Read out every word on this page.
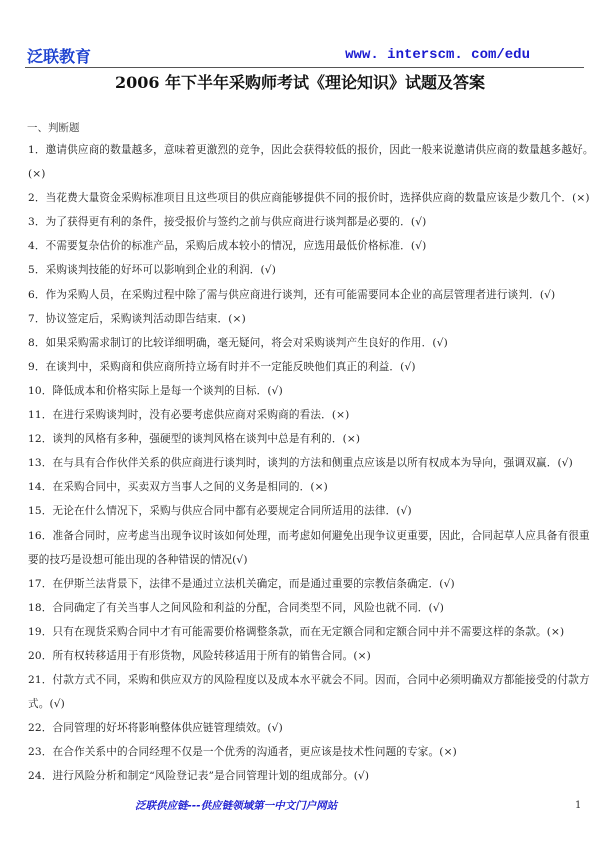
泛联教育	www. interscm. com/edu
2006 年下半年采购师考试《理论知识》试题及答案
一、判断题
1．邀请供应商的数量越多，意味着更激烈的竞争，因此会获得较低的报价，因此一般来说邀请供应商的数量越多越好。
(×)
2．当花费大量资金采购标准项目且这些项目的供应商能够提供不同的报价时，选择供应商的数量应该是少数几个．(×)
3．为了获得更有利的条件，接受报价与签约之前与供应商进行谈判都是必要的．(√)
4．不需要复杂估价的标准产品，采购后成本较小的情况，应选用最低价格标准．(√)
5．采购谈判技能的好坏可以影响到企业的利润．(√)
6．作为采购人员，在采购过程中除了需与供应商进行谈判，还有可能需要同本企业的高层管理者进行谈判．(√)
7．协议签定后，采购谈判活动即告结束．(×)
8．如果采购需求制订的比较详细明确，毫无疑问，将会对采购谈判产生良好的作用．(√)
9．在谈判中，采购商和供应商所持立场有时并不一定能反映他们真正的利益．(√)
10．降低成本和价格实际上是每一个谈判的目标．(√)
11．在进行采购谈判时，没有必要考虑供应商对采购商的看法．(×)
12．谈判的风格有多种，强硬型的谈判风格在谈判中总是有利的．(×)
13．在与具有合作伙伴关系的供应商进行谈判时，谈判的方法和侧重点应该是以所有权成本为导向，强调双赢．(√)
14．在采购合同中，买卖双方当事人之间的义务是相同的．(×)
15．无论在什么情况下，采购与供应合同中都有必要规定合同所适用的法律．(√)
16．准备合同时，应考虑当出现争议时该如何处理，而考虑如何避免出现争议更重要，因此，合同起草人应具备有很重
要的技巧是设想可能出现的各种错误的情况(√)
17．在伊斯兰法背景下，法律不是通过立法机关确定，而是通过重要的宗教信条确定．(√)
18．合同确定了有关当事人之间风险和利益的分配，合同类型不同，风险也就不同．(√)
19．只有在现货采购合同中才有可能需要价格调整条款，而在无定额合同和定额合同中并不需要这样的条款。(×)
20．所有权转移适用于有形货物，风险转移适用于所有的销售合同。(×)
21．付款方式不同，采购和供应双方的风险程度以及成本水平就会不同。因而，合同中必须明确双方都能接受的付款方
式。(√)
22．合同管理的好坏将影响整体供应链管理绩效。(√)
23．在合作关系中的合同经理不仅是一个优秀的沟通者，更应该是技术性问题的专家。(×)
24．进行风险分析和制定“风险登记表”是合同管理计划的组成部分。(√)
泛联供应链---供应链领域第一中文门户网站	1
